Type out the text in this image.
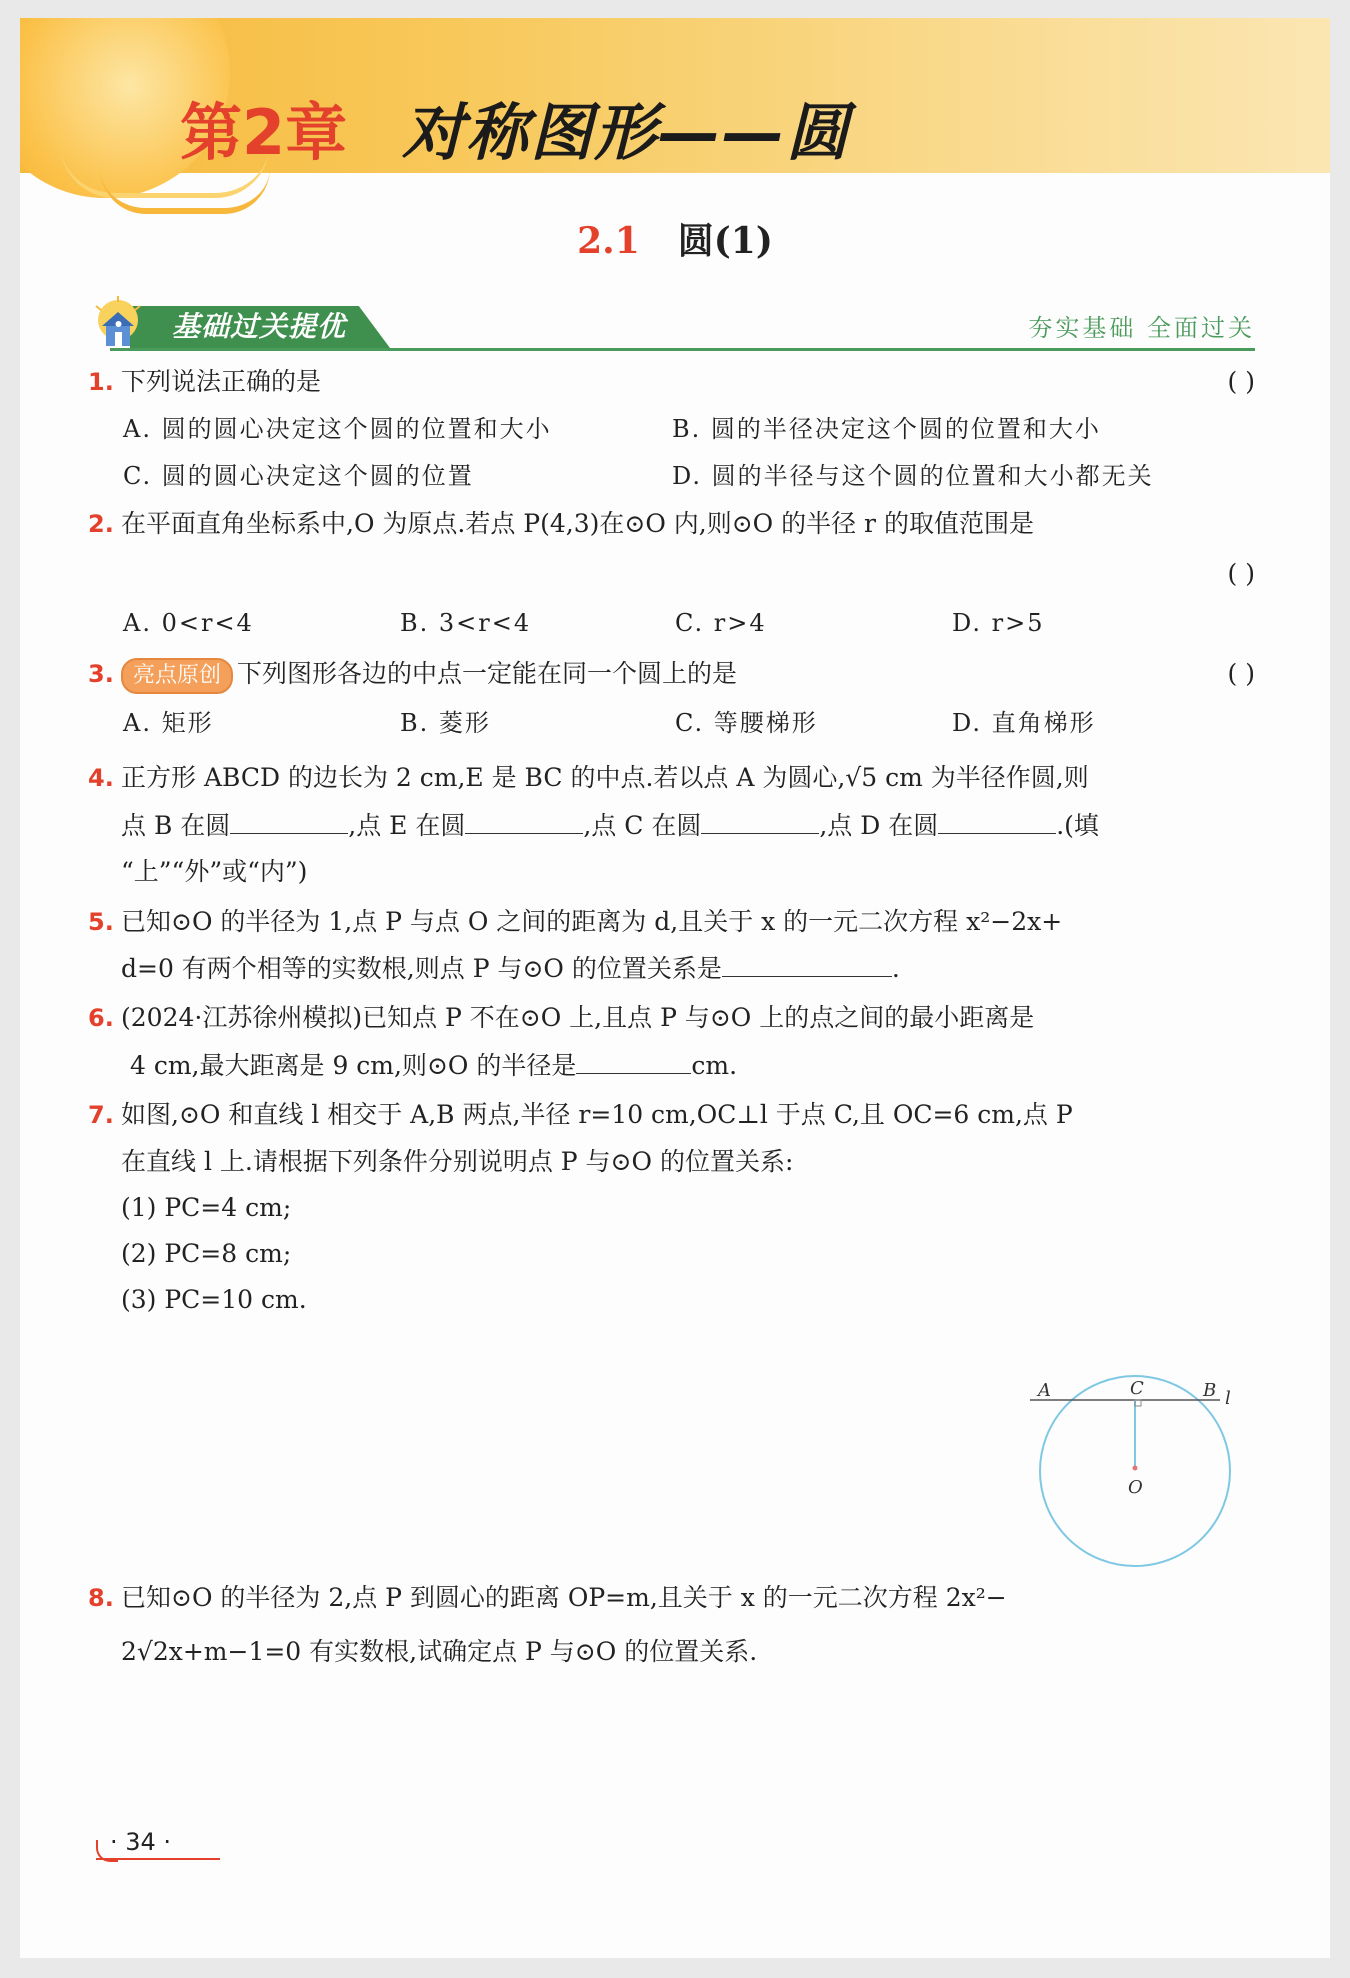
第2章 对称图形——圆
2.1 圆(1)
基础过关提优	夯实基础 全面过关
1. 下列说法正确的是	( )
A. 圆的圆心决定这个圆的位置和大小	B. 圆的半径决定这个圆的位置和大小
C. 圆的圆心决定这个圆的位置	D. 圆的半径与这个圆的位置和大小都无关
2. 在平面直角坐标系中,O 为原点.若点 P(4,3)在⊙O 内,则⊙O 的半径 r 的取值范围是
( )
A. 0<r<4	B. 3<r<4	C. r>4	D. r>5
3. 亮点原创 下列图形各边的中点一定能在同一个圆上的是	( )
A. 矩形	B. 菱形	C. 等腰梯形	D. 直角梯形
4. 正方形 ABCD 的边长为 2 cm,E 是 BC 的中点.若以点 A 为圆心,√5 cm 为半径作圆,则
点 B 在圆	,点 E 在圆	,点 C 在圆	,点 D 在圆	.(填
“上”“外”或“内”)
5. 已知⊙O 的半径为 1,点 P 与点 O 之间的距离为 d,且关于 x 的一元二次方程 x²−2x+
d=0 有两个相等的实数根,则点 P 与⊙O 的位置关系是	.
6. (2024·江苏徐州模拟)已知点 P 不在⊙O 上,且点 P 与⊙O 上的点之间的最小距离是
4 cm,最大距离是 9 cm,则⊙O 的半径是	cm.
7. 如图,⊙O 和直线 l 相交于 A,B 两点,半径 r=10 cm,OC⊥l 于点 C,且 OC=6 cm,点 P
在直线 l 上.请根据下列条件分别说明点 P 与⊙O 的位置关系:
(1) PC=4 cm;
(2) PC=8 cm;
(3) PC=10 cm.
A	C	B l
O
8. 已知⊙O 的半径为 2,点 P 到圆心的距离 OP=m,且关于 x 的一元二次方程 2x²−
2√2x+m−1=0 有实数根,试确定点 P 与⊙O 的位置关系.
· 34 ·
